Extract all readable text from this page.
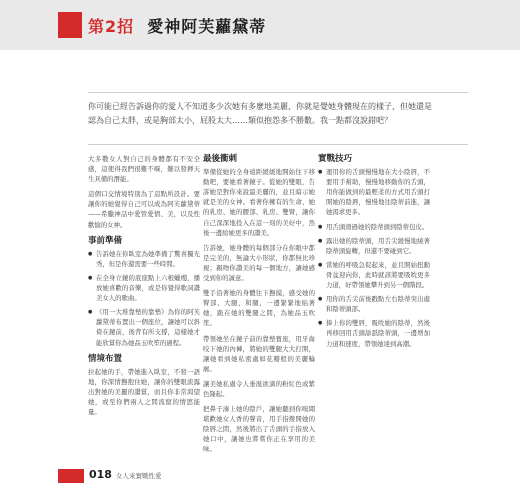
第2招 愛神阿芙蘿黛蒂
你可能已經告訴過你的愛人不知道多少次她有多麼地美麗，你就是覺她身體現在的樣子，但她還是認為自己太胖，或是胸部太小，屁股太大……類似抱怨多不勝數。我一點都沒說錯吧？

大多數女人對自己的身體都有不安全感，這使得我們很難不嘔，難以發揮天生具備的潛能。

這個口交情境特別為了這點所設計。要讓你的她覺得自己可以成為阿芙蘿黛蒂——希臘神話中愛管愛情、美，以及性歡愉的女神。

事前準備
● 告訴她在你臥室為她準備了驚喜獨光秀，但是你還需要一些時間。
● 在全身立鏡的底座點上六根蠟燭，播放她喜歡的音樂，或是你覺得歌詞讚美女人的歌曲。
● 《用一大堆靠墊的靠墊》為你的阿芙蘿黛蒂布置出一個座位，讓她可以斜倚在鏡前，後背有所支撐，這樣她才能欣賞你為她品玉吹笙的過程。
情境布置

拉起她的手，帶她進入臥室，不發一語地，你深情撫抱住她，讓你的雙眼流露出對她的美麗的讚賞，而且你非常渴望她，或至你們兩人之間流竄的情慾能量。

最後衝刺

準備從她的全身遠距緩緩地開始往下移動吧，要她看著鏡子。從她的雙眼，告訴她是對你來說最美麗的，並且暗示她就是美的女神。看著你擁有的生命、她的乳房、她的腰部、乳房、雙臂，讓你自己深深地投入在這一刻的美好中，然後一邊給她更多的讚美。

告訴她，她身體的每個部分在你眼中都是完美的，無論大小形狀，你都無比珍視；親吻你讚美的每一個地方，讓她感受到你的誠意。

雙手沿著她的身體往下撫摸，感受她的臀部、大腿、和腿，一邊緊緊地貼著她，跪在她的雙腿之間，為她品玉吹笙。

帶領她坐在鏡子前的靠墊寶座，用牙齒咬下她的內褲，將她的雙腿大大打開，讓她看到她私密處如花瓣般的美麗輪廓。

讓美她私處令人垂涎欲滴的粉紅色或紫色隆起。

把鼻子湊上她的陰戶，讓她聽到你嗅聞堪歡她女人香的聲音，用手指撥開她的陰唇之間，然後將出了舌頭的手指放入她口中，讓她也嘗嘗你正在享用的美味。

實戰技巧
● 運用你的舌頭慢慢地在大小陰唇，不要用手幫助，慢慢地移動你的舌頭，用你能做到的最輕柔的方式用舌頭打開她的陰唇，慢慢地往陰蒂前進，讓她渴求更多。
● 用舌頭滑過她的陰蒂頭到陰蒂包皮。
● 露出她的陰蒂頭，用舌尖緩慢地繞著陰蒂頭旋轉，但還不要碰到它。
● 當她的呼吸急促起來，並且開始扭動骨盆迎向你，此時就該將要吸吮更多力道，好帶領她攀升到另一個階段。
● 用你的舌尖前後戳點左右陰蒂突出處和陰蒂頭部。
● 捧上你的雙唇，吸吮她的陰蒂，然後再移回用舌頭舔舐陰蒂頭，一邊增加力道和速度，帶領她達到高潮。
018 女人來實戰性愛
